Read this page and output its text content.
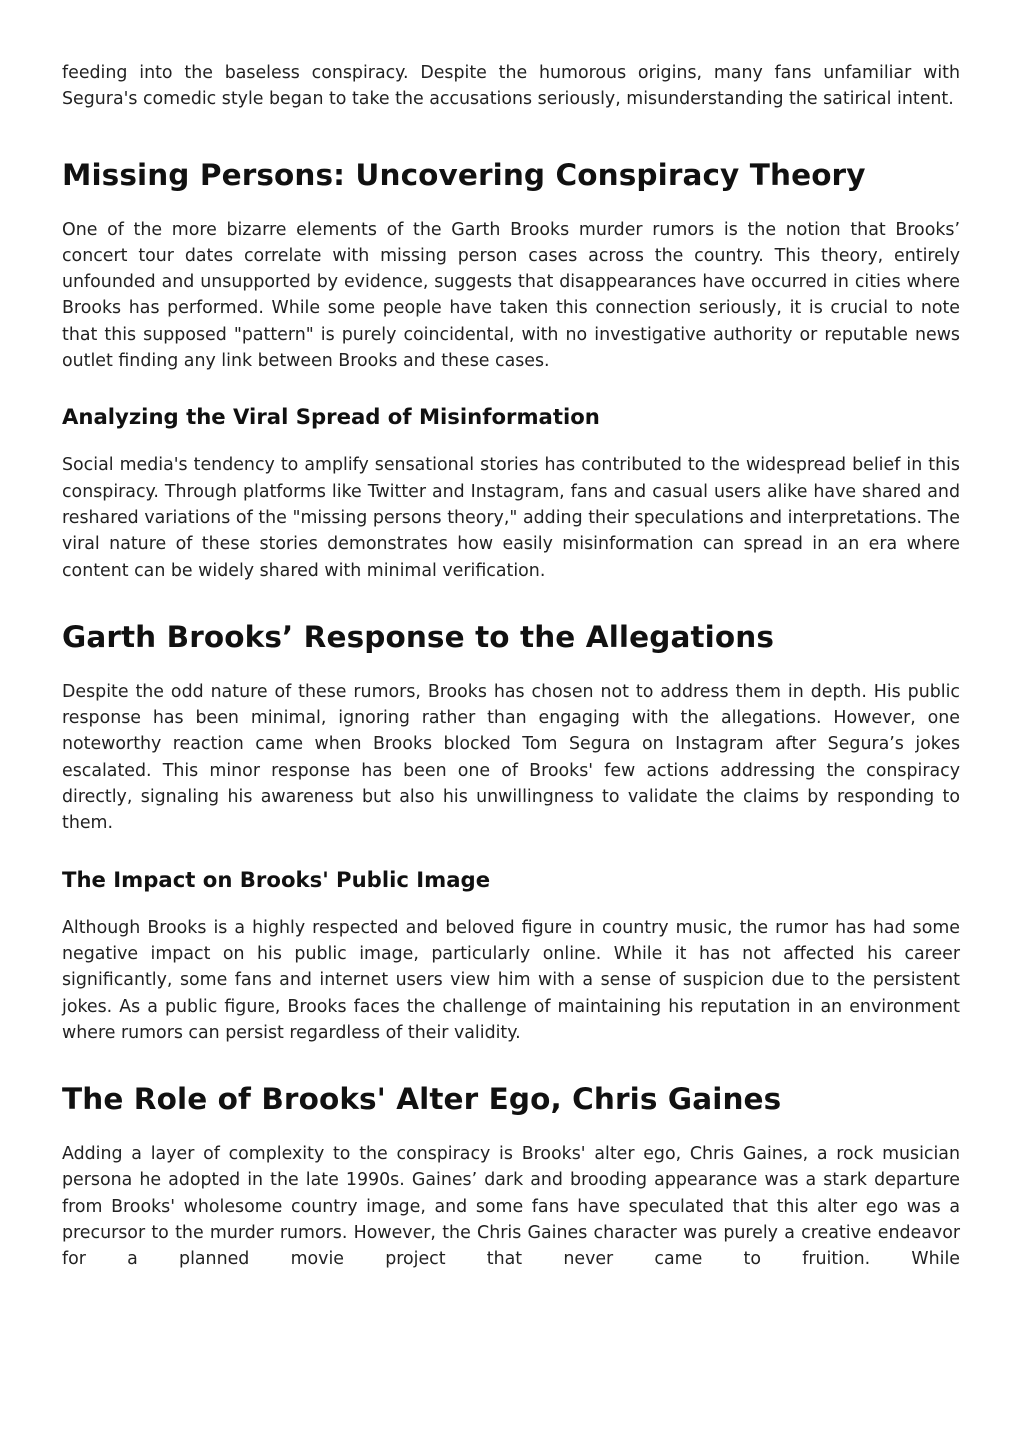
feeding into the baseless conspiracy. Despite the humorous origins, many fans unfamiliar with Segura's comedic style began to take the accusations seriously, misunderstanding the satirical intent.

Missing Persons: Uncovering Conspiracy Theory

One of the more bizarre elements of the Garth Brooks murder rumors is the notion that Brooks’ concert tour dates correlate with missing person cases across the country. This theory, entirely unfounded and unsupported by evidence, suggests that disappearances have occurred in cities where Brooks has performed. While some people have taken this connection seriously, it is crucial to note that this supposed "pattern" is purely coincidental, with no investigative authority or reputable news outlet finding any link between Brooks and these cases.

Analyzing the Viral Spread of Misinformation

Social media's tendency to amplify sensational stories has contributed to the widespread belief in this conspiracy. Through platforms like Twitter and Instagram, fans and casual users alike have shared and reshared variations of the "missing persons theory," adding their speculations and interpretations. The viral nature of these stories demonstrates how easily misinformation can spread in an era where content can be widely shared with minimal verification.

Garth Brooks’ Response to the Allegations

Despite the odd nature of these rumors, Brooks has chosen not to address them in depth. His public response has been minimal, ignoring rather than engaging with the allegations. However, one noteworthy reaction came when Brooks blocked Tom Segura on Instagram after Segura’s jokes escalated. This minor response has been one of Brooks' few actions addressing the conspiracy directly, signaling his awareness but also his unwillingness to validate the claims by responding to them.

The Impact on Brooks' Public Image

Although Brooks is a highly respected and beloved figure in country music, the rumor has had some negative impact on his public image, particularly online. While it has not affected his career significantly, some fans and internet users view him with a sense of suspicion due to the persistent jokes. As a public figure, Brooks faces the challenge of maintaining his reputation in an environment where rumors can persist regardless of their validity.

The Role of Brooks' Alter Ego, Chris Gaines

Adding a layer of complexity to the conspiracy is Brooks' alter ego, Chris Gaines, a rock musician persona he adopted in the late 1990s. Gaines’ dark and brooding appearance was a stark departure from Brooks' wholesome country image, and some fans have speculated that this alter ego was a precursor to the murder rumors. However, the Chris Gaines character was purely a creative endeavor for a planned movie project that never came to fruition. While
